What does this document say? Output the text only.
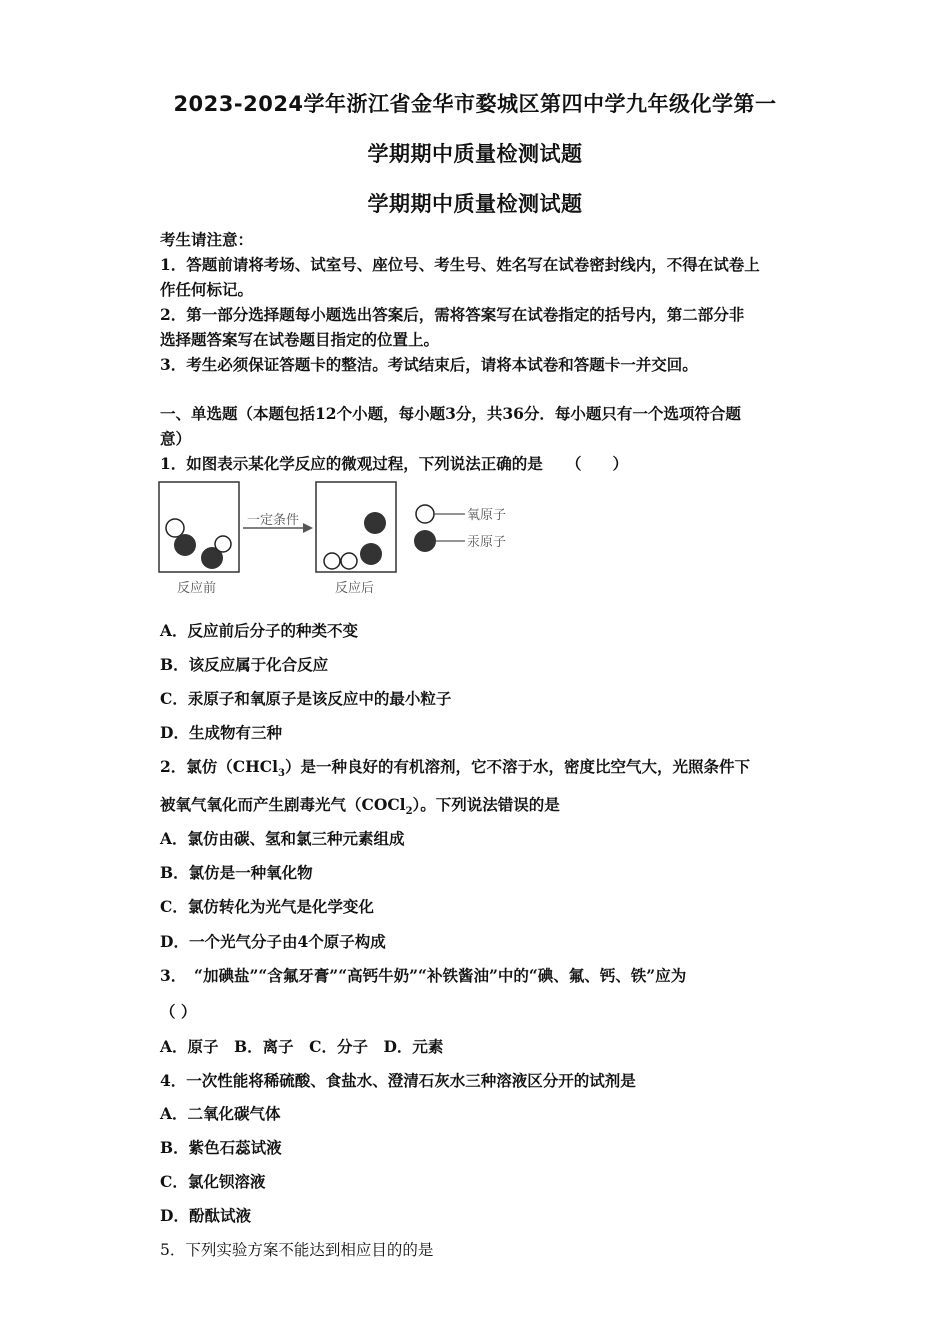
2023-2024学年浙江省金华市婺城区第四中学九年级化学第一
学期期中质量检测试题
学期期中质量检测试题
考生请注意：
1．答题前请将考场、试室号、座位号、考生号、姓名写在试卷密封线内，不得在试卷上
作任何标记。
2．第一部分选择题每小题选出答案后，需将答案写在试卷指定的括号内，第二部分非
选择题答案写在试卷题目指定的位置上。
3．考生必须保证答题卡的整洁。考试结束后，请将本试卷和答题卡一并交回。
一、单选题（本题包括12个小题，每小题3分，共36分．每小题只有一个选项符合题
意）
1．如图表示某化学反应的微观过程，下列说法正确的是　　（　　）
反应前
一定条件
反应后
氧原子
汞原子
A．反应前后分子的种类不变
B．该反应属于化合反应
C．汞原子和氧原子是该反应中的最小粒子
D．生成物有三种
2．氯仿（CHCl$_3$）是一种良好的有机溶剂，它不溶于水，密度比空气大，光照条件下
被氧气氧化而产生剧毒光气（COCl$_2$）。下列说法错误的是
A．氯仿由碳、氢和氯三种元素组成
B．氯仿是一种氧化物
C．氯仿转化为光气是化学变化
D．一个光气分子由4个原子构成
3．　“加碘盐”“含氟牙膏”“高钙牛奶”“补铁酱油”中的“碘、氟、钙、铁”应为
（ ）
A．原子　B．离子　C．分子　D．元素
4．一次性能将稀硫酸、食盐水、澄清石灰水三种溶液区分开的试剂是
A．二氧化碳气体
B．紫色石蕊试液
C．氯化钡溶液
D．酚酞试液
5．下列实验方案不能达到相应目的的是
